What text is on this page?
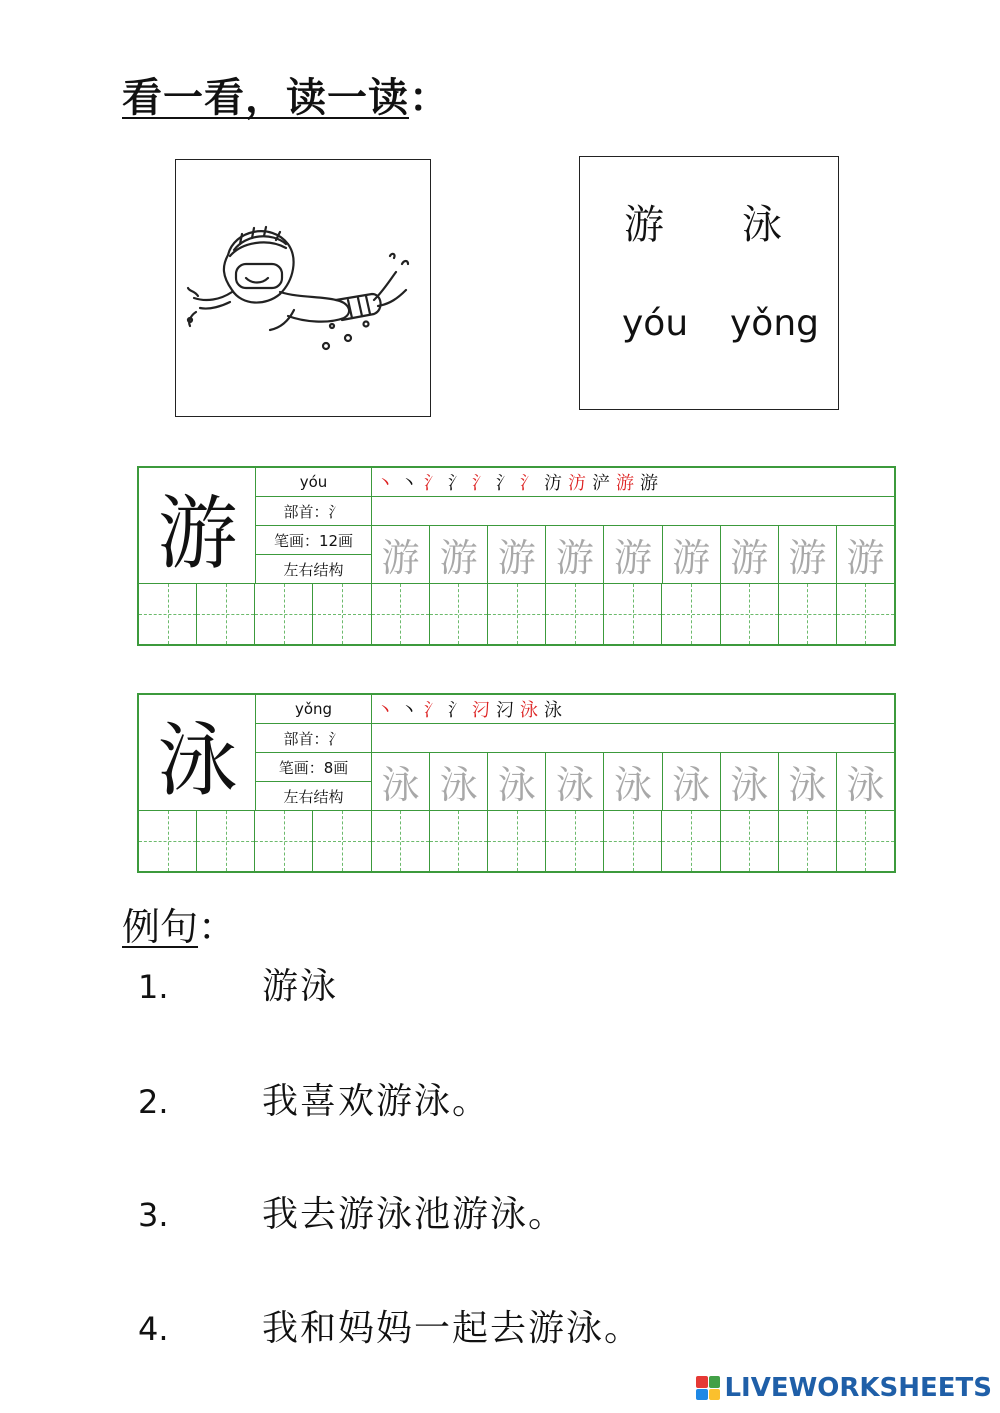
看一看，读一读：
游 泳
yóu yǒng
游
yóu
部首：氵
笔画：12画
左右结构
丶 丶 氵 氵 氵 氵 氵 汸 汸 浐 游 游
游 游 游 游 游 游 游 游 游
泳
yǒng
部首：氵
笔画：8画
左右结构
丶 丶 氵 氵 汈 汈 泳 泳
泳 泳 泳 泳 泳 泳 泳 泳 泳
例句：
1.	游泳
2.	我喜欢游泳。
3.	我去游泳池游泳。
4.	我和妈妈一起去游泳。
LIVEWORKSHEETS
